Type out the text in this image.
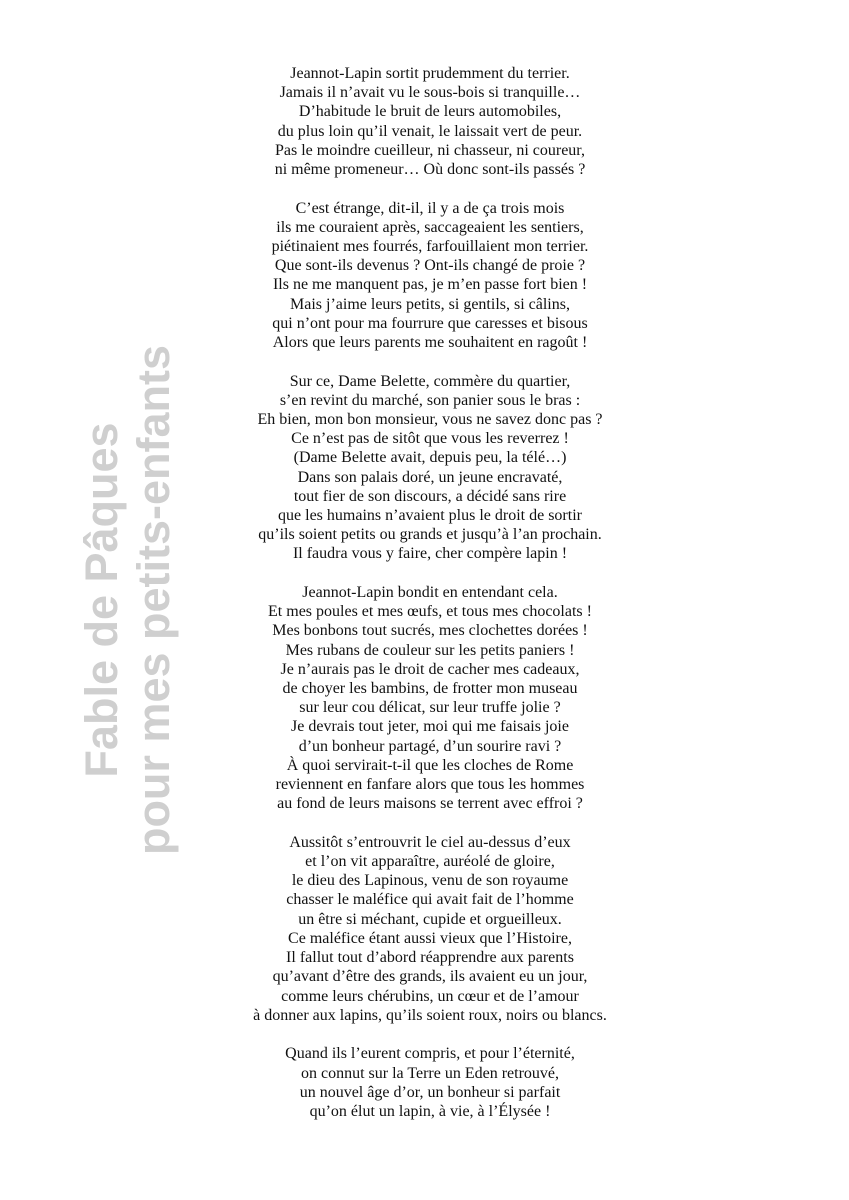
Fable de Pâques pour mes petits-enfants
Jeannot-Lapin sortit prudemment du terrier.
Jamais il n’avait vu le sous-bois si tranquille…
D’habitude le bruit de leurs automobiles,
du plus loin qu’il venait, le laissait vert de peur.
Pas le moindre cueilleur, ni chasseur, ni coureur,
ni même promeneur… Où donc sont-ils passés ?
C’est étrange, dit-il, il y a de ça trois mois
ils me couraient après, saccageaient les sentiers,
piétinaient mes fourrés, farfouillaient mon terrier.
Que sont-ils devenus ? Ont-ils changé de proie ?
Ils ne me manquent pas, je m’en passe fort bien !
Mais j’aime leurs petits, si gentils, si câlins,
qui n’ont pour ma fourrure que caresses et bisous
Alors que leurs parents me souhaitent en ragoût !
Sur ce, Dame Belette, commère du quartier,
s’en revint du marché, son panier sous le bras :
Eh bien, mon bon monsieur, vous ne savez donc pas ?
Ce n’est pas de sitôt que vous les reverrez !
(Dame Belette avait, depuis peu, la télé…)
Dans son palais doré, un jeune encravaté,
tout fier de son discours, a décidé sans rire
que les humains n’avaient plus le droit de sortir
qu’ils soient petits ou grands et jusqu’à l’an prochain.
Il faudra vous y faire, cher compère lapin !
Jeannot-Lapin bondit en entendant cela.
Et mes poules et mes œufs, et tous mes chocolats !
Mes bonbons tout sucrés, mes clochettes dorées !
Mes rubans de couleur sur les petits paniers !
Je n’aurais pas le droit de cacher mes cadeaux,
de choyer les bambins, de frotter mon museau
sur leur cou délicat, sur leur truffe jolie ?
Je devrais tout jeter, moi qui me faisais joie
d’un bonheur partagé, d’un sourire ravi ?
À quoi servirait-t-il que les cloches de Rome
reviennent en fanfare alors que tous les hommes
au fond de leurs maisons se terrent avec effroi ?
Aussitôt s’entrouvrit le ciel au-dessus d’eux
et l’on vit apparaître, auréolé de gloire,
le dieu des Lapinous, venu de son royaume
chasser le maléfice qui avait fait de l’homme
un être si méchant, cupide et orgueilleux.
Ce maléfice étant aussi vieux que l’Histoire,
Il fallut tout d’abord réapprendre aux parents
qu’avant d’être des grands, ils avaient eu un jour,
comme leurs chérubins, un cœur et de l’amour
à donner aux lapins, qu’ils soient roux, noirs ou blancs.
Quand ils l’eurent compris, et pour l’éternité,
on connut sur la Terre un Eden retrouvé,
un nouvel âge d’or, un bonheur si parfait
qu’on élut un lapin, à vie, à l’Élysée !
